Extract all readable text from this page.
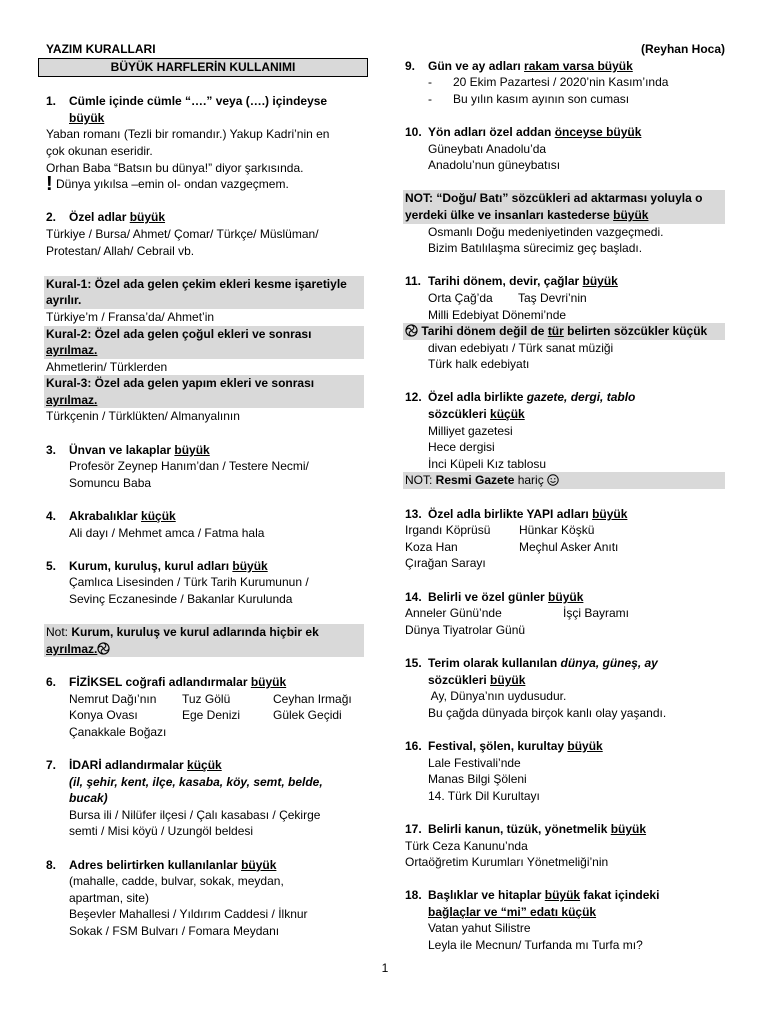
YAZIM KURALLARI
BÜYÜK HARFLERİN KULLANIMI
1. Cümle içinde cümle “….” veya (….) içindeyse
büyük
Yaban romanı (Tezli bir romandır.) Yakup Kadri’nin en
çok okunan eseridir.
Orhan Baba “Batsın bu dünya!” diyor şarkısında.
! Dünya yıkılsa –emin ol- ondan vazgeçmem.
2. Özel adlar büyük
Türkiye / Bursa/ Ahmet/ Çomar/ Türkçe/ Müslüman/
Protestan/ Allah/ Cebrail vb.
Kural-1: Özel ada gelen çekim ekleri kesme işaretiyle
ayrılır.
Türkiye’m / Fransa’da/ Ahmet’in
Kural-2: Özel ada gelen çoğul ekleri ve sonrası
ayrılmaz.
Ahmetlerin/ Türklerden
Kural-3: Özel ada gelen yapım ekleri ve sonrası
ayrılmaz.
Türkçenin / Türklükten/ Almanyalının
3. Ünvan ve lakaplar büyük
Profesör Zeynep Hanım’dan / Testere Necmi/
Somuncu Baba
4. Akrabalıklar küçük
Ali dayı / Mehmet amca / Fatma hala
5. Kurum, kuruluş, kurul adları büyük
Çamlıca Lisesinden / Türk Tarih Kurumunun /
Sevinç Eczanesinde / Bakanlar Kurulunda
Not: Kurum, kuruluş ve kurul adlarında hiçbir ek
ayrılmaz.
6. FİZİKSEL coğrafi adlandırmalar büyük
Nemrut Dağı’nın	Tuz Gölü	Ceyhan Irmağı
Konya Ovası	Ege Denizi	Gülek Geçidi
Çanakkale Boğazı
7. İDARİ adlandırmalar küçük
(il, şehir, kent, ilçe, kasaba, köy, semt, belde,
bucak)
Bursa ili / Nilüfer ilçesi / Çalı kasabası / Çekirge
semti / Misi köyü / Uzungöl beldesi
8. Adres belirtirken kullanılanlar büyük
(mahalle, cadde, bulvar, sokak, meydan,
apartman, site)
Beşevler Mahallesi / Yıldırım Caddesi / İlknur
Sokak / FSM Bulvarı / Fomara Meydanı
(Reyhan Hoca)
9. Gün ve ay adları rakam varsa büyük
- 20 Ekim Pazartesi / 2020’nin Kasım’ında
- Bu yılın kasım ayının son cuması
10. Yön adları özel addan önceyse büyük
Güneybatı Anadolu’da
Anadolu’nun güneybatısı
NOT: “Doğu/ Batı” sözcükleri ad aktarması yoluyla o
yerdeki ülke ve insanları kastederse büyük
Osmanlı Doğu medeniyetinden vazgeçmedi.
Bizim Batılılaşma sürecimiz geç başladı.
11. Tarihi dönem, devir, çağlar büyük
Orta Çağ’da	Taş Devri’nin
Milli Edebiyat Dönemi’nde
Tarihi dönem değil de tür belirten sözcükler küçük
divan edebiyatı / Türk sanat müziği
Türk halk edebiyatı
12. Özel adla birlikte gazete, dergi, tablo
sözcükleri küçük
Milliyet gazetesi
Hece dergisi
İnci Küpeli Kız tablosu
NOT: Resmi Gazete hariç
13. Özel adla birlikte YAPI adları büyük
Irgandı Köprüsü	Hünkar Köşkü
Koza Han	Meçhul Asker Anıtı
Çırağan Sarayı
14. Belirli ve özel günler büyük
Anneler Günü’nde	İşçi Bayramı
Dünya Tiyatrolar Günü
15. Terim olarak kullanılan dünya, güneş, ay
sözcükleri büyük
Ay, Dünya’nın uydusudur.
Bu çağda dünyada birçok kanlı olay yaşandı.
16. Festival, şölen, kurultay büyük
Lale Festivali’nde
Manas Bilgi Şöleni
14. Türk Dil Kurultayı
17. Belirli kanun, tüzük, yönetmelik büyük
Türk Ceza Kanunu’nda
Ortaöğretim Kurumları Yönetmeliği’nin
18. Başlıklar ve hitaplar büyük fakat içindeki
bağlaçlar ve “mi” edatı küçük
Vatan yahut Silistre
Leyla ile Mecnun/ Turfanda mı Turfa mı?
1
